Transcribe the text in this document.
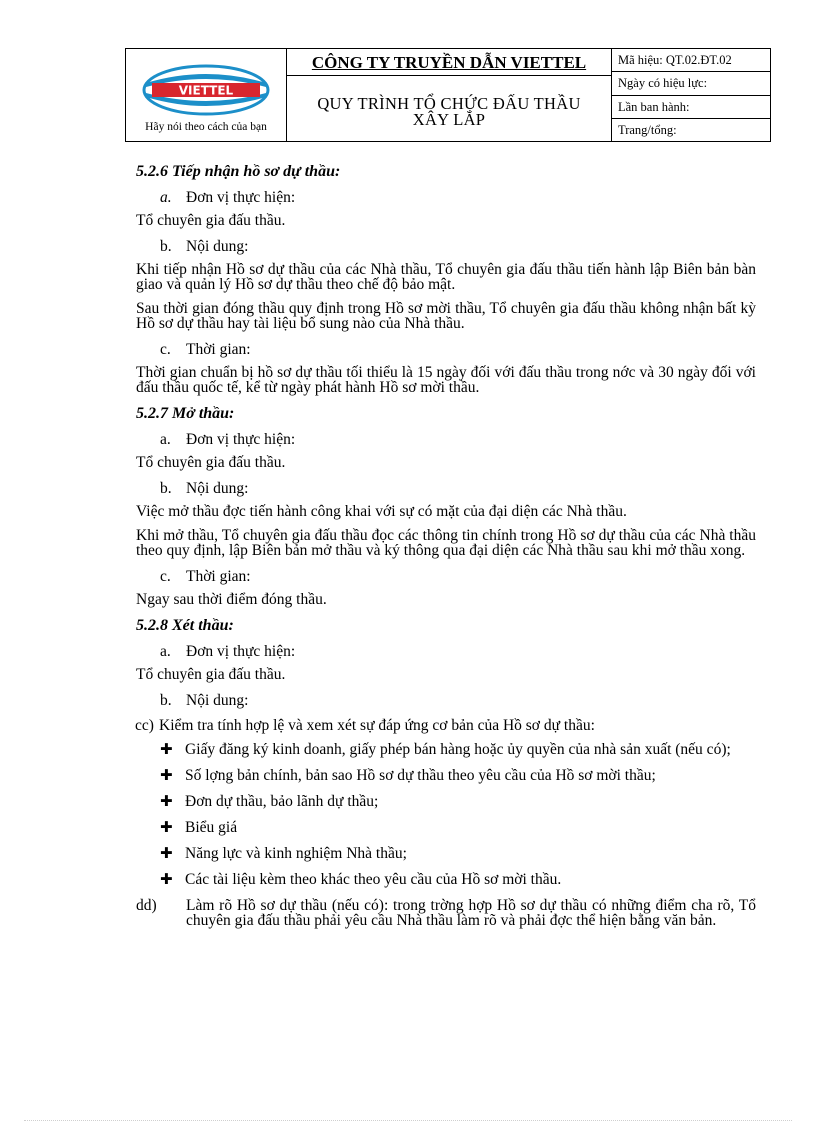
VIETTEL
Hãy nói theo cách của bạn
CÔNG TY TRUYỀN DẪN VIETTEL
QUY TRÌNH TỔ CHỨC ĐẤU THẦU XÂY LẮP
Mã hiệu: QT.02.ĐT.02
Ngày có hiệu lực:
Lần ban hành:
Trang/tổng:

5.2.6 Tiếp nhận hồ sơ dự thầu:

a. Đơn vị thực hiện:

Tổ chuyên gia đấu thầu.

b. Nội dung:

Khi tiếp nhận Hồ sơ dự thầu của các Nhà thầu, Tổ chuyên gia đấu thầu tiến hành lập Biên bản bàn giao và quản lý Hồ sơ dự thầu theo chế độ bảo mật.

Sau thời gian đóng thầu quy định trong Hồ sơ mời thầu, Tổ chuyên gia đấu thầu không nhận bất kỳ Hồ sơ dự thầu hay tài liệu bổ sung nào của Nhà thầu.

c. Thời gian:

Thời gian chuẩn bị hồ sơ dự thầu tối thiểu là 15 ngày đối với đấu thầu trong nớc và 30 ngày đối với đấu thầu quốc tế, kể từ ngày phát hành Hồ sơ mời thầu.

5.2.7 Mở thầu:

a. Đơn vị thực hiện:

Tổ chuyên gia đấu thầu.

b. Nội dung:

Việc mở thầu đợc tiến hành công khai với sự có mặt của đại diện các Nhà thầu.

Khi mở thầu, Tổ chuyên gia đấu thầu đọc các thông tin chính trong Hồ sơ dự thầu của các Nhà thầu theo quy định, lập Biên bản mở thầu và ký thông qua đại diện các Nhà thầu sau khi mở thầu xong.

c. Thời gian:

Ngay sau thời điểm đóng thầu.

5.2.8 Xét thầu:

a. Đơn vị thực hiện:

Tổ chuyên gia đấu thầu.

b. Nội dung:

cc) Kiểm tra tính hợp lệ và xem xét sự đáp ứng cơ bản của Hồ sơ dự thầu:
✚ Giấy đăng ký kinh doanh, giấy phép bán hàng hoặc ủy quyền của nhà sản xuất (nếu có);
✚ Số lợng bản chính, bản sao Hồ sơ dự thầu theo yêu cầu của Hồ sơ mời thầu;
✚ Đơn dự thầu, bảo lãnh dự thầu;
✚ Biểu giá
✚ Năng lực và kinh nghiệm Nhà thầu;
✚ Các tài liệu kèm theo khác theo yêu cầu của Hồ sơ mời thầu.
dd)	Làm rõ Hồ sơ dự thầu (nếu có): trong trờng hợp Hồ sơ dự thầu có những điểm cha rõ, Tổ chuyên gia đấu thầu phải yêu cầu Nhà thầu làm rõ và phải đợc thể hiện bằng văn bản.
